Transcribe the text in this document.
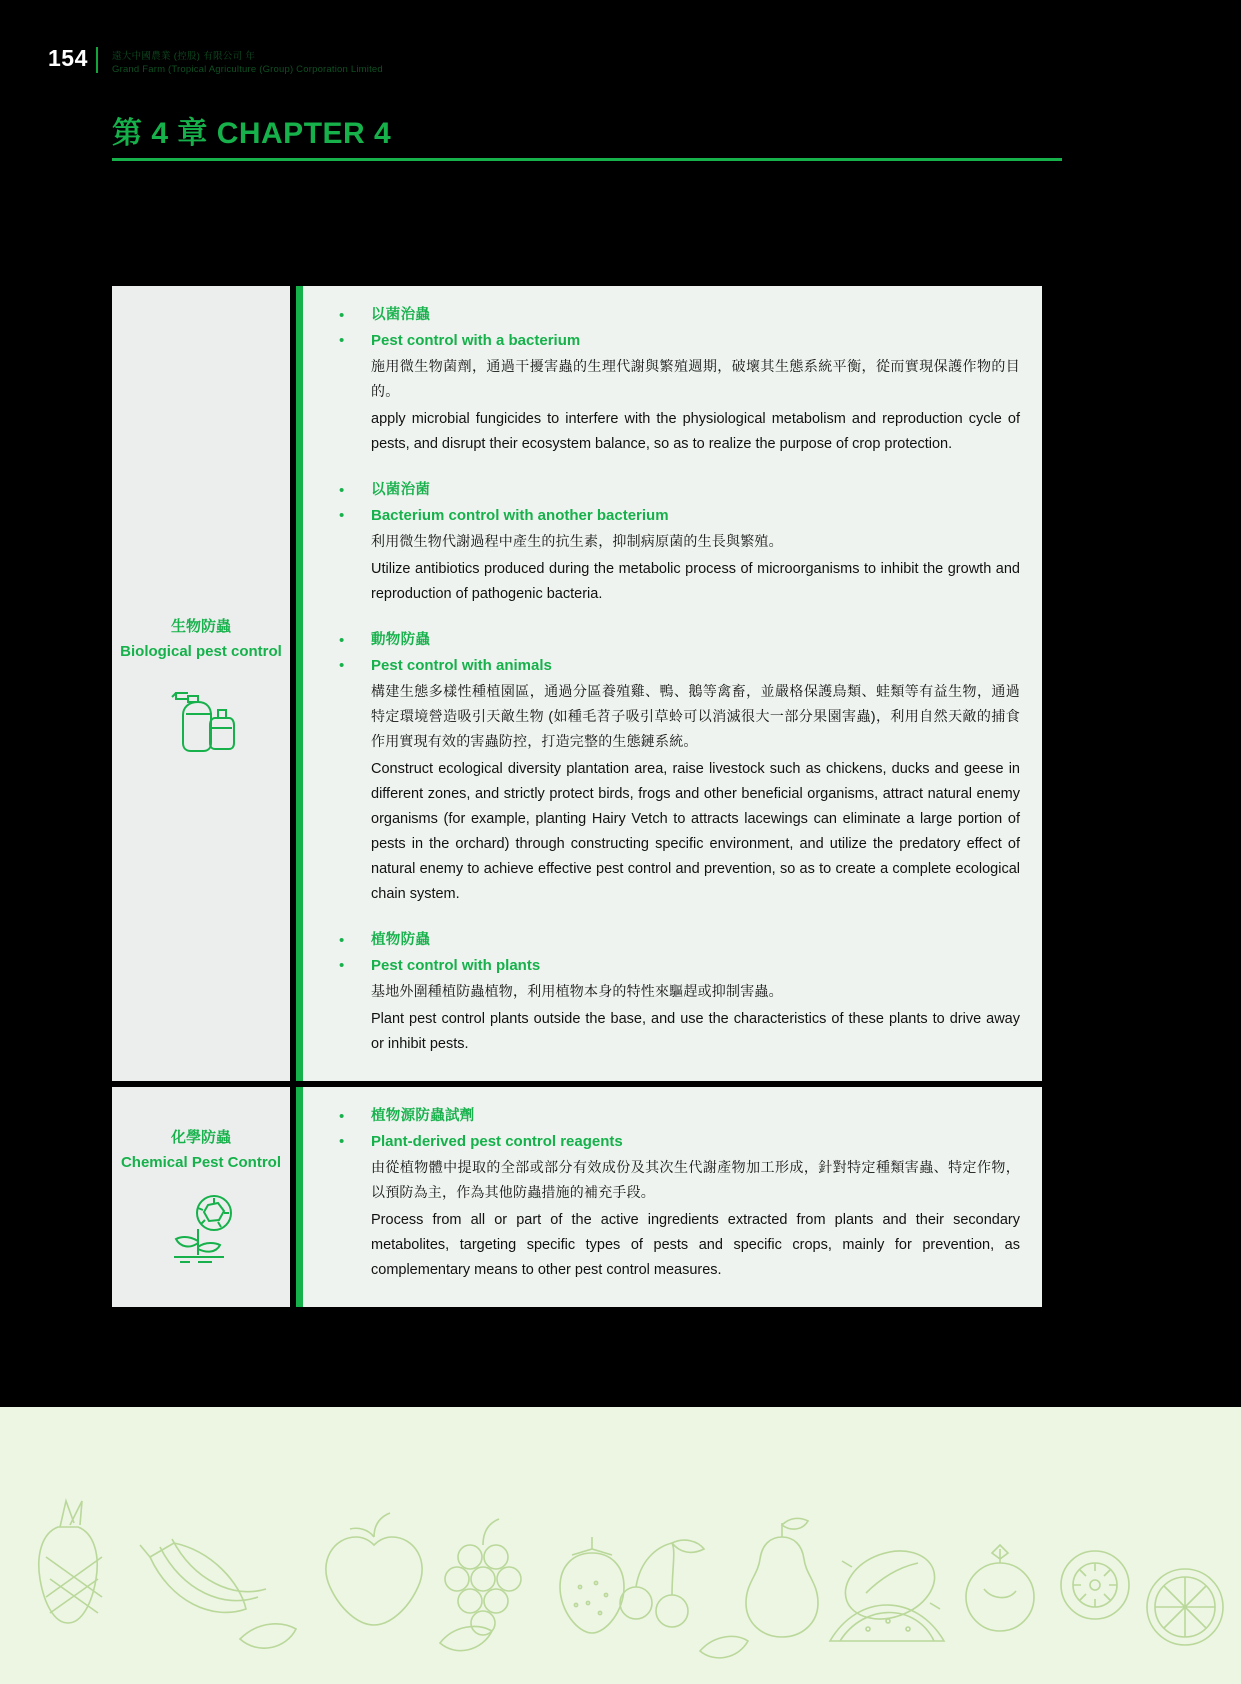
154	遠大中國農業 (控股) 有限公司 年
Grand Farm (Tropical Agriculture (Group) Corporation Limited
第 4 章 CHAPTER 4
生物防蟲
Biological pest control
•	以菌治蟲
•	Pest control with a bacterium
施用微生物菌劑，通過干擾害蟲的生理代謝與繁殖週期，破壞其生態系統平衡，從而實現保護作物的目的。
apply microbial fungicides to interfere with the physiological metabolism and reproduction cycle of pests, and disrupt their ecosystem balance, so as to realize the purpose of crop protection.
•	以菌治菌
•	Bacterium control with another bacterium
利用微生物代謝過程中產生的抗生素，抑制病原菌的生長與繁殖。
Utilize antibiotics produced during the metabolic process of microorganisms to inhibit the growth and reproduction of pathogenic bacteria.
•	動物防蟲
•	Pest control with animals
構建生態多樣性種植園區，通過分區養殖雞、鴨、鵝等禽畜，並嚴格保護鳥類、蛙類等有益生物，通過特定環境營造吸引天敵生物 (如種毛苕子吸引草蛉可以消滅很大一部分果園害蟲)，利用自然天敵的捕食作用實現有效的害蟲防控，打造完整的生態鏈系統。
Construct ecological diversity plantation area, raise livestock such as chickens, ducks and geese in different zones, and strictly protect birds, frogs and other beneficial organisms, attract natural enemy organisms (for example, planting Hairy Vetch to attracts lacewings can eliminate a large portion of pests in the orchard) through constructing specific environment, and utilize the predatory effect of natural enemy to achieve effective pest control and prevention, so as to create a complete ecological chain system.
•	植物防蟲
•	Pest control with plants
基地外圍種植防蟲植物，利用植物本身的特性來驅趕或抑制害蟲。
Plant pest control plants outside the base, and use the characteristics of these plants to drive away or inhibit pests.
化學防蟲
Chemical Pest Control
•	植物源防蟲試劑
•	Plant-derived pest control reagents
由從植物體中提取的全部或部分有效成份及其次生代謝產物加工形成，針對特定種類害蟲、特定作物，以預防為主，作為其他防蟲措施的補充手段。
Process from all or part of the active ingredients extracted from plants and their secondary metabolites, targeting specific types of pests and specific crops, mainly for prevention, as complementary means to other pest control measures.
